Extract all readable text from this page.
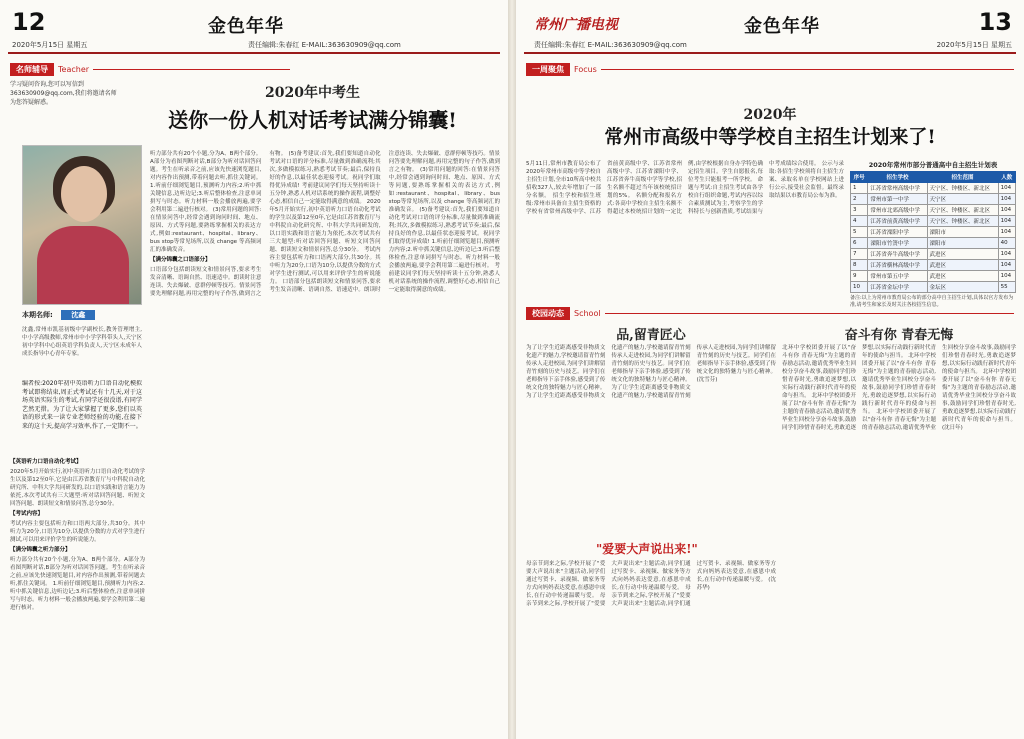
12	金色年华
2020年5月15日 星期五	责任编辑:朱春红 E-MAIL:363630909@qq.com
名师辅导	Teacher
学习疑问咨询,您可以写信到363630909@qq.com,我们将邀请名师为您答疑解惑。
2020年中考生
送你一份人机对话考试满分锦囊!
本期名师:	沈鑫
沈鑫,常州市凯基初级中学副校长,教务管理增主,中小学高级教师,常州市中小学学科带头人,天宁区初中学科中心组英语学科负责人,天宁区未成年人成长指导中心青年专家。
编者按:2020年初中英语听力口语自动化模拟考试即将结束,周正式考试还有十几天,对于这场英语实际生的考试,有同学还很没谱,有同学艺然无措。为了让大家掌握了更多,您们以英语的形式来一读专业老师经验的功能,在接下来的这十天,提高学习效率,作了,一定期不一。
【英语听力口语自动化考试】
2020年5月开始实行,初中英语听力口语自动化考试的学生以及第12至0年,它是由江苏省教育厅与中科院自动化研究所、中科大学共同研发的,以口语实践和语言能力为依托,本次考试共有三大题型:听对话回答问题、听短文回答问题、朗读短文和情景问答,总分30分。
【考试内容】
考试内容主要包括听力和口语两大部分,共30分。其中听力为20分,口语为10分,以提供分数的方式对学生进行测试,可以用来评价学生的听说能力。
【满分锦囊之听力部分】
听力部分共有20个小题,分为A、B两个部分。A部分为看图判断对话,B部分为听对话回答问题。考生在听录音之前,应该先快速浏览题目,对内容作出预测,带着问题去听,抓住关键词。 1.听前仔细浏览题目,预测听力内容;2.听中抓关键信息,边听边记;3.听后整体检查,注意单词拼写与时态。听力材料一般会播放两遍,要学会利用第二遍进行核对。
听力部分共有20个小题,分为A、B两个部分。A部分为看图判断对话,B部分为听对话回答问题。考生在听录音之前,应该先快速浏览题目,对内容作出预测,带着问题去听,抓住关键词。 1.听前仔细浏览题目,预测听力内容;2.听中抓关键信息,边听边记;3.听后整体检查,注意单词拼写与时态。听力材料一般会播放两遍,要学会利用第二遍进行核对。 (3)常用问题的回答:在情景问答中,经常会遇到询问时间、地点、原因、方式等问题,要熟练掌握相关的表达方式,例如:restaurant、hospital、library、bus stop等常见场所,以及 change 等高频词汇的准确发音。
【满分锦囊之口语部分】
口语部分包括朗读短文和情景问答,要求考生发音清晰、语调自然、语速适中。朗读时注意连读、失去爆破、意群停顿等技巧。情景问答要先理解问题,再用完整的句子作答,做到言之有物。 (5)备考建议:首先,我们要知道自动化考试对口语的评分标准,尽量做到准确流利;其次,多做模拟练习,熟悉考试节奏;最后,保持良好的作息,以最佳状态迎接考试。祝同学们取得优异成绩! 考前建议同学们每天坚持听读十五分钟,熟悉人机对话系统的操作流程,调整好心态,相信自己一定能取得满意的成绩。 2020年5月开始实行,初中英语听力口语自动化考试的学生以及第12至0年,它是由江苏省教育厅与中科院自动化研究所、中科大学共同研发的,以口语实践和语言能力为依托,本次考试共有三大题型:听对话回答问题、听短文回答问题、朗读短文和情景问答,总分30分。 考试内容主要包括听力和口语两大部分,共30分。其中听力为20分,口语为10分,以提供分数的方式对学生进行测试,可以用来评价学生的听说能力。 口语部分包括朗读短文和情景问答,要求考生发音清晰、语调自然、语速适中。朗读时注意连读、失去爆破、意群停顿等技巧。情景问答要先理解问题,再用完整的句子作答,做到言之有物。 (3)常用问题的回答:在情景问答中,经常会遇到询问时间、地点、原因、方式等问题,要熟练掌握相关的表达方式,例如:restaurant、hospital、library、bus stop等常见场所,以及 change 等高频词汇的准确发音。 (5)备考建议:首先,我们要知道自动化考试对口语的评分标准,尽量做到准确流利;其次,多做模拟练习,熟悉考试节奏;最后,保持良好的作息,以最佳状态迎接考试。祝同学们取得优异成绩! 1.听前仔细浏览题目,预测听力内容;2.听中抓关键信息,边听边记;3.听后整体检查,注意单词拼写与时态。听力材料一般会播放两遍,要学会利用第二遍进行核对。 考前建议同学们每天坚持听读十五分钟,熟悉人机对话系统的操作流程,调整好心态,相信自己一定能取得满意的成绩。
常州广播电视	金色年华	13
责任编辑:朱春红 E-MAIL:363630909@qq.com	2020年5月15日 星期五
一周聚焦	Focus
2020年
常州市高级中等学校自主招生计划来了!
5月11日,常州市教育局公布了2020年常州市高级中等学校自主招生计划,全市10所高中校共招收327人,较去年增加了一部分名额。 招生学校和招生班级:常州市具备自主招生资格的学校有省常州高级中学、江苏省前黄高级中学、江苏省常州高级中学、江苏省溧阳中学、江苏省奔牛高级中学等学校,招生名额不超过当年该校统招计划的5%。 名额分配和报名方式:各高中学校自主招生名额不得超过本校统招计划的一定比例,由学校根据自身办学特色确定招生项目。学生自愿报名,每位考生只能报考一所学校。 命题与考试:自主招生考试由各学校自行组织命题,考试内容以综合素质测试为主,考察学生的学科特长与创新潜质,考试结果与中考成绩综合使用。 公示与录取:各招生学校须将自主招生方案、录取名单在学校网站上进行公示,接受社会监督。最终录取结果以市教育局公布为准。
2020年常州市部分普通高中自主招生计划表
序号	招生学校	招生范围	人数
1	江苏省常州高级中学	天宁区、钟楼区、新北区	104
2	常州市第一中学	天宁区	104
3	常州市北郊高级中学	天宁区、钟楼区、新北区	104
4	江苏省前黄高级中学	天宁区、钟楼区、新北区	104
5	江苏省溧阳中学	溧阳市	104
6	溧阳市竹箦中学	溧阳市	40
7	江苏省奔牛高级中学	武进区	104
8	江苏省横林高级中学	武进区	104
9	常州市第五中学	武进区	104
10	江苏省金坛中学	金坛区	55
备注:以上为常州市教育局公布的部分高中自主招生计划,具体以官方发布为准,请考生和家长及时关注各校招生信息。
校园动态	School
品,留青匠心
为了让学生近距离感受非物质文化遗产的魅力,学校邀请留青竹刻传承人走进校园,为同学们讲解留青竹刻的历史与技艺。同学们在老师指导下亲手体验,感受到了传统文化的独特魅力与匠心精神。 为了让学生近距离感受非物质文化遗产的魅力,学校邀请留青竹刻传承人走进校园,为同学们讲解留青竹刻的历史与技艺。同学们在老师指导下亲手体验,感受到了传统文化的独特魅力与匠心精神。 为了让学生近距离感受非物质文化遗产的魅力,学校邀请留青竹刻传承人走进校园,为同学们讲解留青竹刻的历史与技艺。同学们在老师指导下亲手体验,感受到了传统文化的独特魅力与匠心精神。 (沈雪芬)
"爱要大声说出来!"
母亲节到来之际,学校开展了"爱要大声说出来"主题活动,同学们通过写贺卡、录视频、做家务等方式向妈妈表达爱意,在感恩中成长,在行动中传递温暖与爱。 母亲节到来之际,学校开展了"爱要大声说出来"主题活动,同学们通过写贺卡、录视频、做家务等方式向妈妈表达爱意,在感恩中成长,在行动中传递温暖与爱。 母亲节到来之际,学校开展了"爱要大声说出来"主题活动,同学们通过写贺卡、录视频、做家务等方式向妈妈表达爱意,在感恩中成长,在行动中传递温暖与爱。 (沈苏华)
奋斗有你 青春无悔
北环中学校团委开展了以"奋斗有你 青春无悔"为主题的青春励志活动,邀请优秀毕业生回校分享奋斗故事,鼓励同学们珍惜青春时光,勇敢追逐梦想,以实际行动践行新时代青年的使命与担当。 北环中学校团委开展了以"奋斗有你 青春无悔"为主题的青春励志活动,邀请优秀毕业生回校分享奋斗故事,鼓励同学们珍惜青春时光,勇敢追逐梦想,以实际行动践行新时代青年的使命与担当。 北环中学校团委开展了以"奋斗有你 青春无悔"为主题的青春励志活动,邀请优秀毕业生回校分享奋斗故事,鼓励同学们珍惜青春时光,勇敢追逐梦想,以实际行动践行新时代青年的使命与担当。 北环中学校团委开展了以"奋斗有你 青春无悔"为主题的青春励志活动,邀请优秀毕业生回校分享奋斗故事,鼓励同学们珍惜青春时光,勇敢追逐梦想,以实际行动践行新时代青年的使命与担当。 北环中学校团委开展了以"奋斗有你 青春无悔"为主题的青春励志活动,邀请优秀毕业生回校分享奋斗故事,鼓励同学们珍惜青春时光,勇敢追逐梦想,以实际行动践行新时代青年的使命与担当。 (沈日年)
